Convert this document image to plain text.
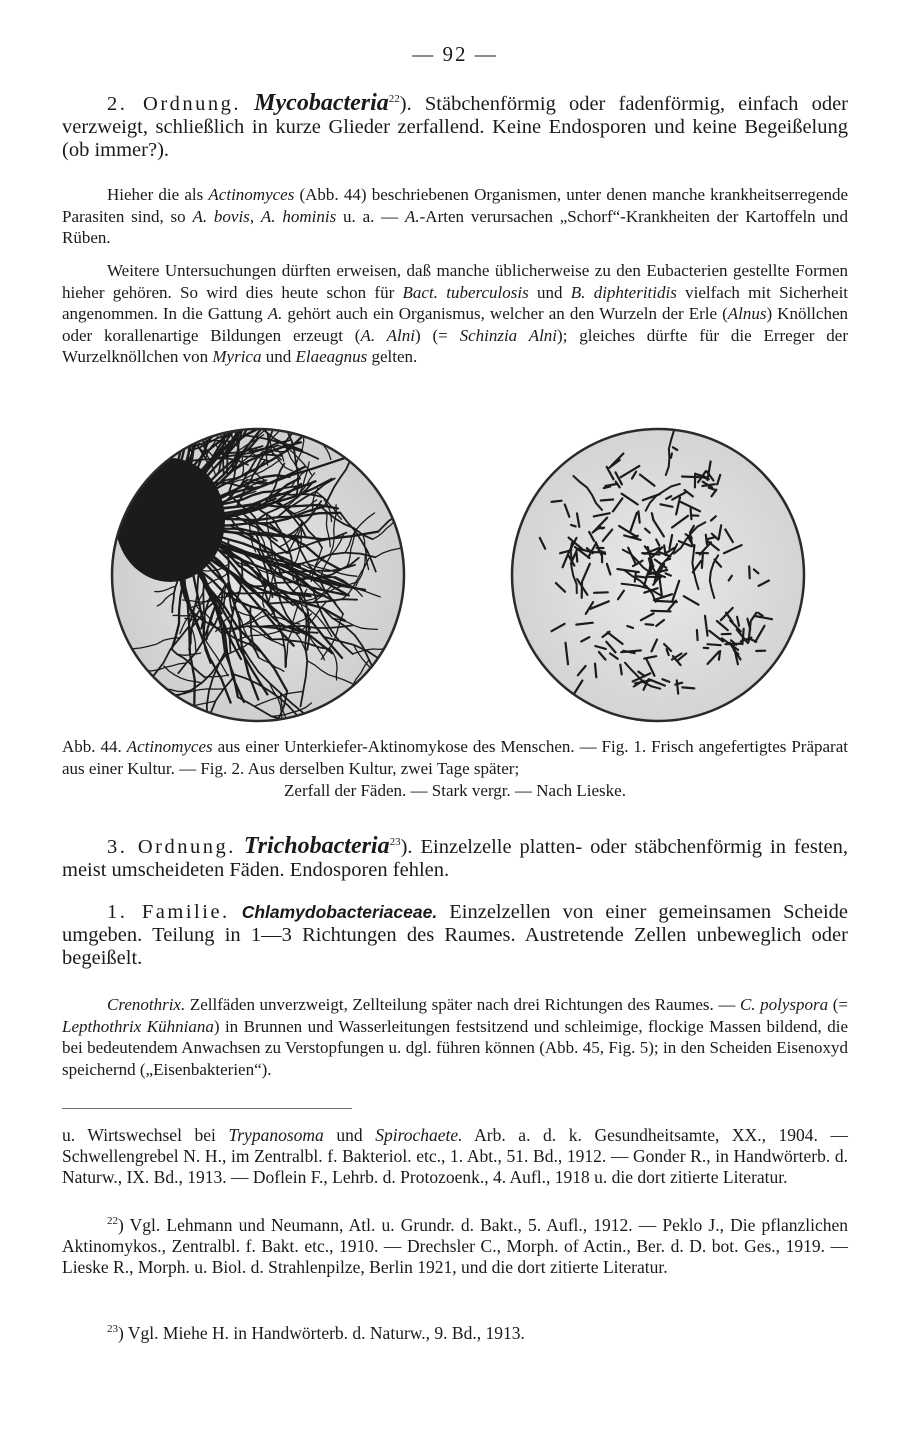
— 92 —
2. Ordnung. Mycobacteria$^{22}$). Stäbchenförmig oder fadenförmig, einfach oder verzweigt, schließlich in kurze Glieder zerfallend. Keine Endosporen und keine Begeißelung (ob immer?).
Hieher die als Actinomyces (Abb. 44) beschriebenen Organismen, unter denen manche krankheitserregende Parasiten sind, so A. bovis, A. hominis u. a. — A.-Arten verursachen „Schorf“-Krankheiten der Kartoffeln und Rüben.
Weitere Untersuchungen dürften erweisen, daß manche üblicherweise zu den Eubacterien gestellte Formen hieher gehören. So wird dies heute schon für Bact. tuberculosis und B. diphteritidis vielfach mit Sicherheit angenommen. In die Gattung A. gehört auch ein Organismus, welcher an den Wurzeln der Erle (Alnus) Knöllchen oder korallenartige Bildungen erzeugt (A. Alni) (= Schinzia Alni); gleiches dürfte für die Erreger der Wurzelknöllchen von Myrica und Elaeagnus gelten.
Abb. 44. Actinomyces aus einer Unterkiefer-Aktinomykose des Menschen. — Fig. 1. Frisch angefertigtes Präparat aus einer Kultur. — Fig. 2. Aus derselben Kultur, zwei Tage später;
Zerfall der Fäden. — Stark vergr. — Nach Lieske.
3. Ordnung. Trichobacteria$^{23}$). Einzelzelle platten- oder stäbchenförmig in festen, meist umscheideten Fäden. Endosporen fehlen.
1. Familie. Chlamydobacteriaceae. Einzelzellen von einer gemeinsamen Scheide umgeben. Teilung in 1—3 Richtungen des Raumes. Austretende Zellen unbeweglich oder begeißelt.
Crenothrix. Zellfäden unverzweigt, Zellteilung später nach drei Richtungen des Raumes. — C. polyspora (= Lepthothrix Kühniana) in Brunnen und Wasserleitungen festsitzend und schleimige, flockige Massen bildend, die bei bedeutendem Anwachsen zu Verstopfungen u. dgl. führen können (Abb. 45, Fig. 5); in den Scheiden Eisenoxyd speichernd („Eisenbakterien“).
u. Wirtswechsel bei Trypanosoma und Spirochaete. Arb. a. d. k. Gesundheitsamte, XX., 1904. — Schwellengrebel N. H., im Zentralbl. f. Bakteriol. etc., 1. Abt., 51. Bd., 1912. — Gonder R., in Handwörterb. d. Naturw., IX. Bd., 1913. — Doflein F., Lehrb. d. Protozoenk., 4. Aufl., 1918 u. die dort zitierte Literatur.
$^{22}$) Vgl. Lehmann und Neumann, Atl. u. Grundr. d. Bakt., 5. Aufl., 1912. — Peklo J., Die pflanzlichen Aktinomykos., Zentralbl. f. Bakt. etc., 1910. — Drechsler C., Morph. of Actin., Ber. d. D. bot. Ges., 1919. — Lieske R., Morph. u. Biol. d. Strahlenpilze, Berlin 1921, und die dort zitierte Literatur.
$^{23}$) Vgl. Miehe H. in Handwörterb. d. Naturw., 9. Bd., 1913.
